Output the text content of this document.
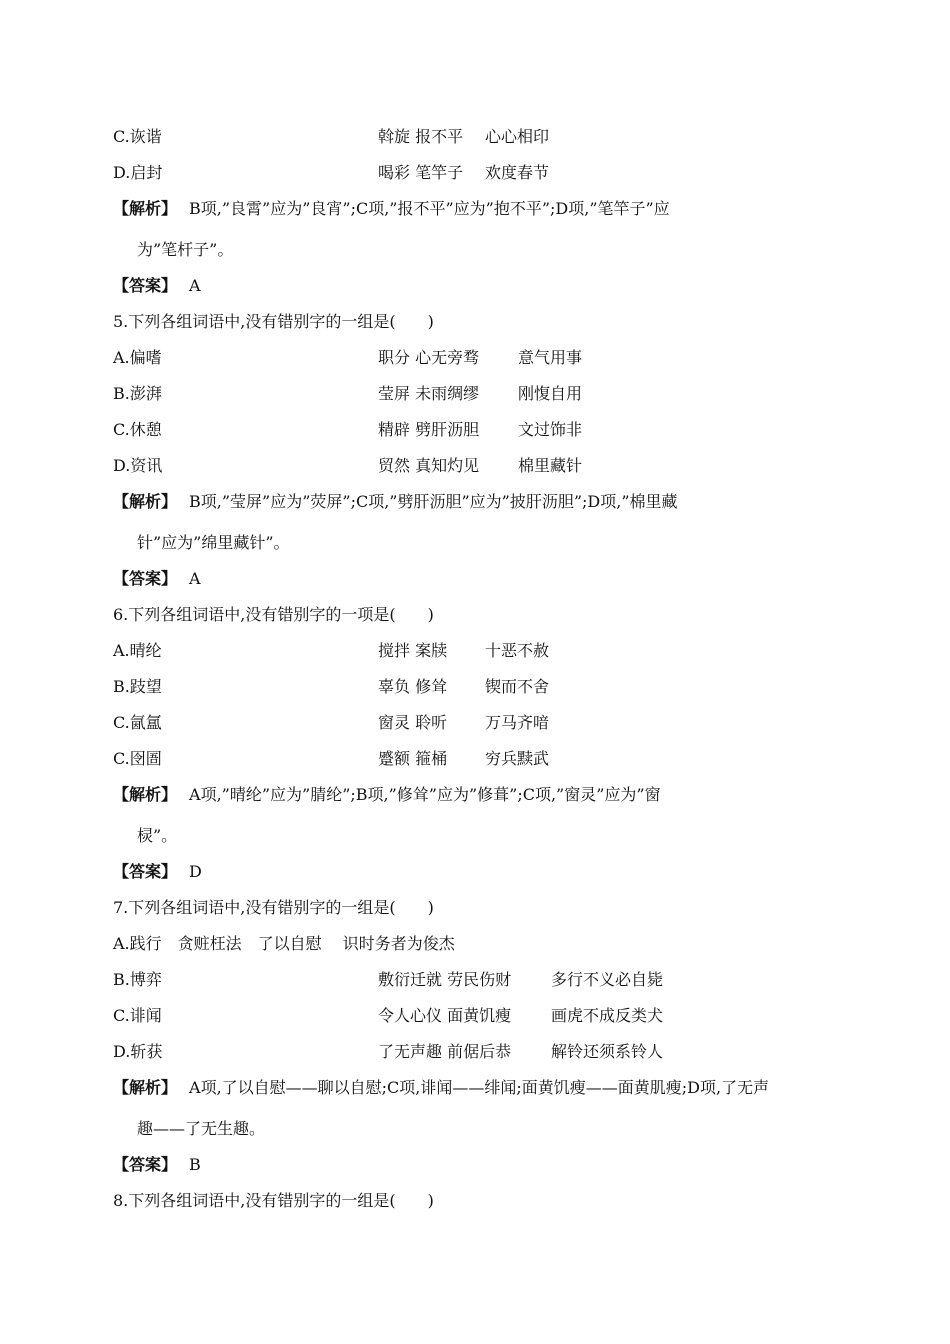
C.诙谐	斡旋 报不平 心心相印
D.启封	喝彩 笔竿子 欢度春节
【解析】 B项,”良霄”应为”良宵”;C项,”报不平”应为”抱不平”;D项,”笔竿子”应
为”笔杆子”。
【答案】 A
5.下列各组词语中,没有错别字的一组是(　　)
A.偏嗜	职分 心无旁骛 意气用事
B.澎湃	莹屏 未雨绸缪 刚愎自用
C.休憩	精辟 劈肝沥胆 文过饰非
D.资讯	贸然 真知灼见 棉里藏针
【解析】 B项,”莹屏”应为”荧屏”;C项,”劈肝沥胆”应为”披肝沥胆”;D项,”棉里藏
针”应为”绵里藏针”。
【答案】 A
6.下列各组词语中,没有错别字的一项是(　　)
A.晴纶	搅拌 案牍 十恶不赦
B.跂望	辜负 修耸 锲而不舍
C.氤氲	窗灵 聆听 万马齐喑
C.囹圄	蹙额 箍桶 穷兵黩武
【解析】 A项,”晴纶”应为”腈纶”;B项,”修耸”应为”修葺”;C项,”窗灵”应为”窗
棂”。
【答案】 D
7.下列各组词语中,没有错别字的一组是(　　)
A.践行　贪赃枉法　了以自慰　 识时务者为俊杰
B.博弈	敷衍迁就 劳民伤财 多行不义必自毙
C.诽闻	令人心仪 面黄饥瘦 画虎不成反类犬
D.斩获	了无声趣 前倨后恭 解铃还须系铃人
【解析】 A项,了以自慰——聊以自慰;C项,诽闻——绯闻;面黄饥瘦——面黄肌瘦;D项,了无声
趣——了无生趣。
【答案】 B
8.下列各组词语中,没有错别字的一组是(　　)
